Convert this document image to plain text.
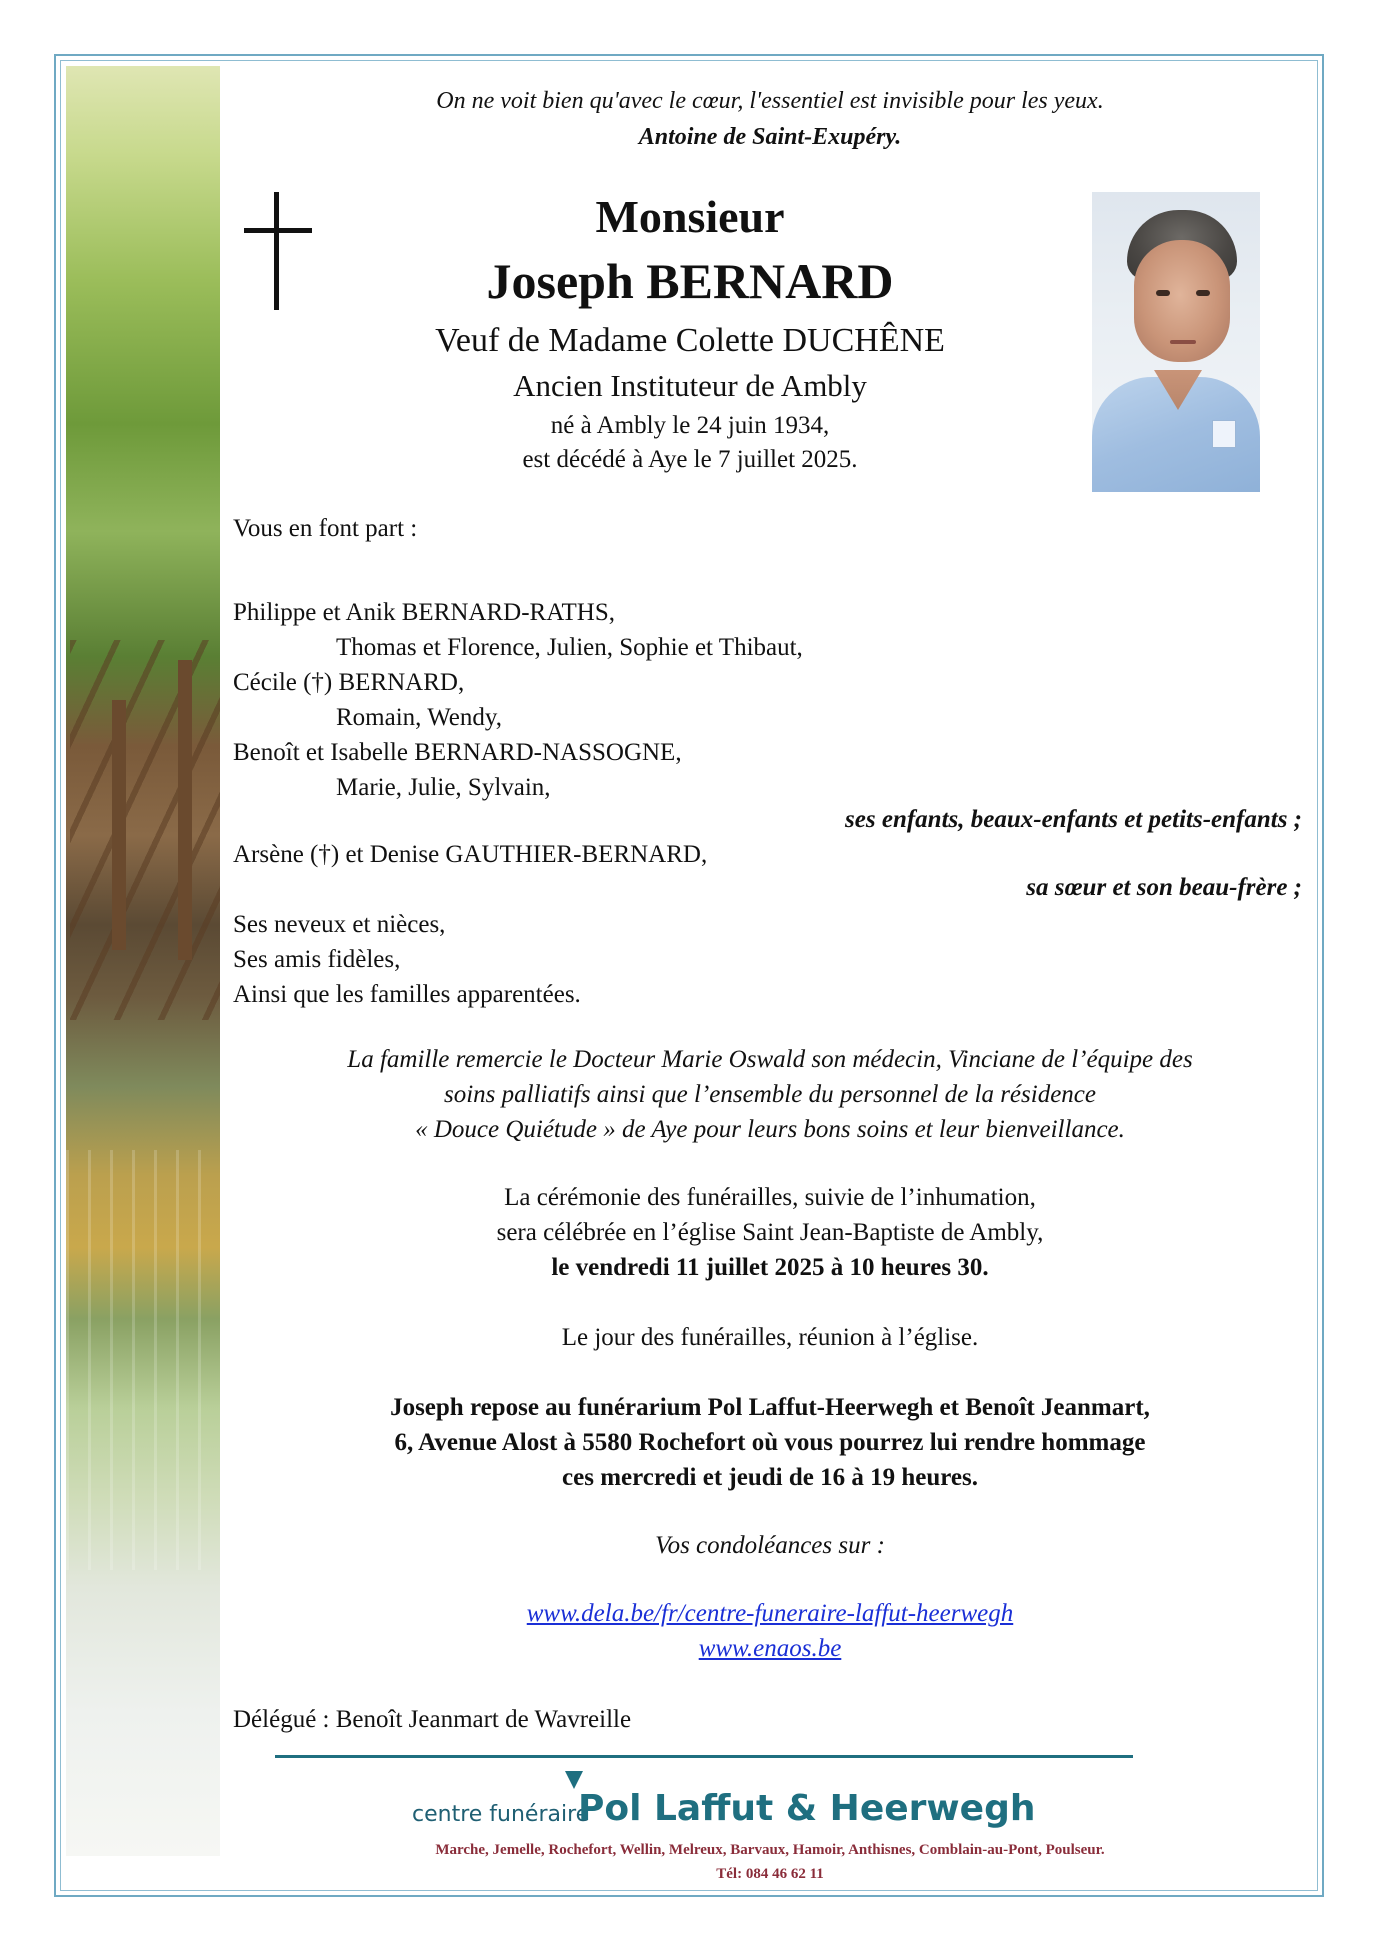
On ne voit bien qu'avec le cœur, l'essentiel est invisible pour les yeux.

Antoine de Saint-Exupéry.

Monsieur

Joseph BERNARD

Veuf de Madame Colette DUCHÊNE

Ancien Instituteur de Ambly

né à Ambly le 24 juin 1934,

est décédé à Aye le 7 juillet 2025.

Vous en font part :

Philippe et Anik BERNARD-RATHS,

Thomas et Florence, Julien, Sophie et Thibaut,

Cécile (†) BERNARD,

Romain, Wendy,

Benoît et Isabelle BERNARD-NASSOGNE,

Marie, Julie, Sylvain,

ses enfants, beaux-enfants et petits-enfants ;

Arsène (†) et Denise GAUTHIER-BERNARD,

sa sœur et son beau-frère ;

Ses neveux et nièces,

Ses amis fidèles,

Ainsi que les familles apparentées.

La famille remercie le Docteur Marie Oswald son médecin, Vinciane de l’équipe des

soins palliatifs ainsi que l’ensemble du personnel de la résidence

« Douce Quiétude » de Aye pour leurs bons soins et leur bienveillance.

La cérémonie des funérailles, suivie de l’inhumation,

sera célébrée en l’église Saint Jean-Baptiste de Ambly,

le vendredi 11 juillet 2025 à 10 heures 30.

Le jour des funérailles, réunion à l’église.

Joseph repose au funérarium Pol Laffut-Heerwegh et Benoît Jeanmart,

6, Avenue Alost à 5580 Rochefort où vous pourrez lui rendre hommage

ces mercredi et jeudi de 16 à 19 heures.

Vos condoléances sur :

www.dela.be/fr/centre-funeraire-laffut-heerwegh

www.enaos.be

Délégué : Benoît Jeanmart de Wavreille

centre funéraire

Pol Laffut & Heerwegh

Marche, Jemelle, Rochefort, Wellin, Melreux, Barvaux, Hamoir, Anthisnes, Comblain-au-Pont, Poulseur.

Tél: 084 46 62 11
